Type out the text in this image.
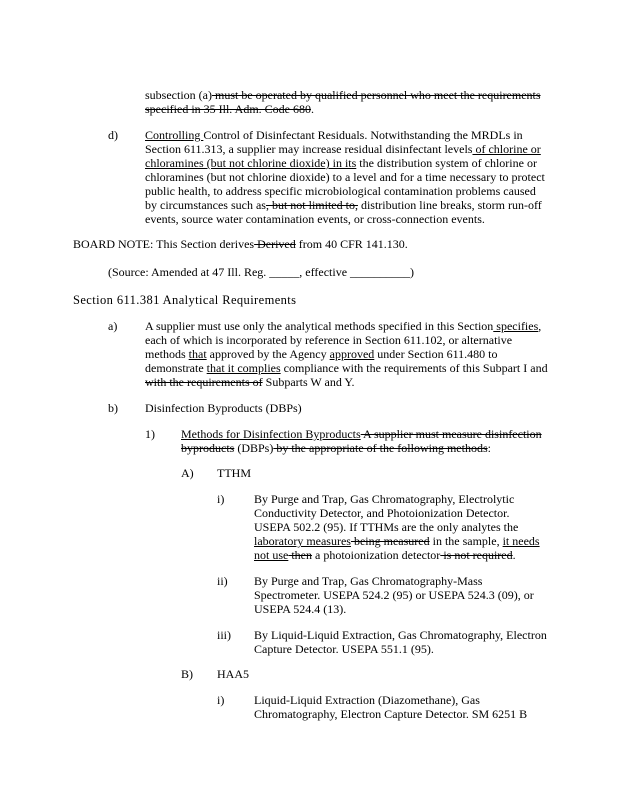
subsection (a) must be operated by qualified personnel who meet the requirements specified in 35 Ill. Adm. Code 680.

d) Controlling Control of Disinfectant Residuals. Notwithstanding the MRDLs in Section 611.313, a supplier may increase residual disinfectant levels of chlorine or chloramines (but not chlorine dioxide) in its the distribution system of chlorine or chloramines (but not chlorine dioxide) to a level and for a time necessary to protect public health, to address specific microbiological contamination problems caused by circumstances such as, but not limited to, distribution line breaks, storm run-off events, source water contamination events, or cross-connection events.

BOARD NOTE: This Section derives Derived from 40 CFR 141.130.

(Source: Amended at 47 Ill. Reg. _____, effective __________)

Section 611.381 Analytical Requirements

a) A supplier must use only the analytical methods specified in this Section specifies, each of which is incorporated by reference in Section 611.102, or alternative methods that approved by the Agency approved under Section 611.480 to demonstrate that it complies compliance with the requirements of this Subpart I and with the requirements of Subparts W and Y.

b) Disinfection Byproducts (DBPs)

1) Methods for Disinfection Byproducts A supplier must measure disinfection byproducts (DBPs) by the appropriate of the following methods:

A) TTHM

i) By Purge and Trap, Gas Chromatography, Electrolytic Conductivity Detector, and Photoionization Detector. USEPA 502.2 (95). If TTHMs are the only analytes the laboratory measures being measured in the sample, it needs not use then a photoionization detector is not required.

ii) By Purge and Trap, Gas Chromatography-Mass Spectrometer. USEPA 524.2 (95) or USEPA 524.3 (09), or USEPA 524.4 (13).

iii) By Liquid-Liquid Extraction, Gas Chromatography, Electron Capture Detector. USEPA 551.1 (95).

B) HAA5

i) Liquid-Liquid Extraction (Diazomethane), Gas Chromatography, Electron Capture Detector. SM 6251 B
